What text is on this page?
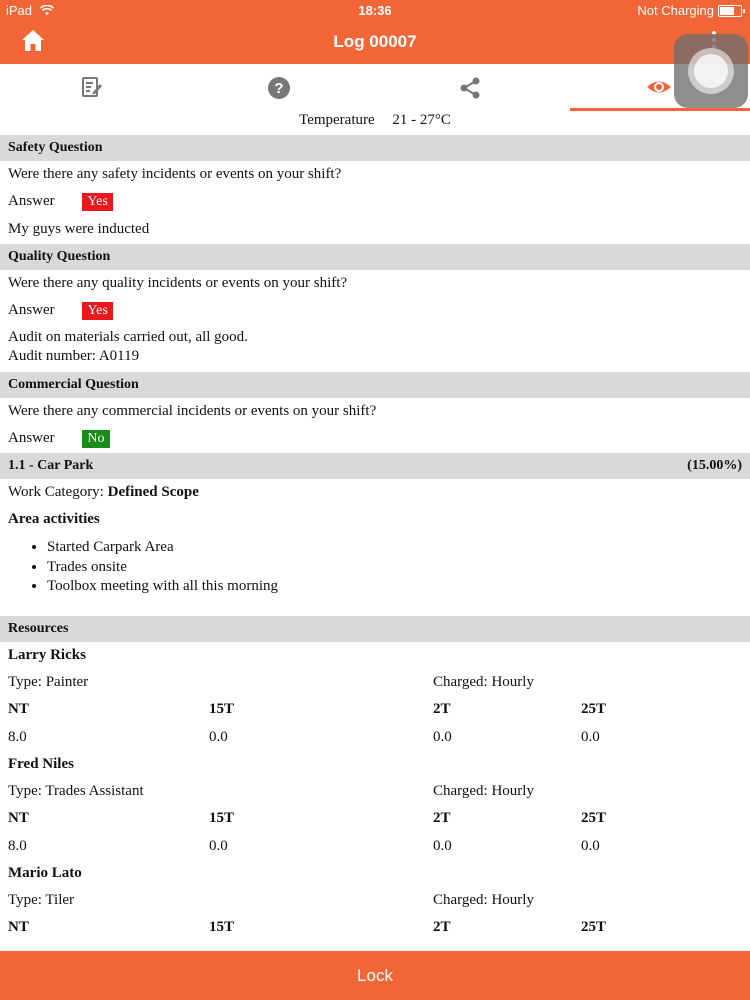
iPad	18:36	Not Charging
Log 00007
?
Temperature 21 - 27°C
Safety Question
Were there any safety incidents or events on your shift?
Answer Yes
My guys were inducted
Quality Question
Were there any quality incidents or events on your shift?
Answer Yes
Audit on materials carried out, all good.
Audit number: A0119
Commercial Question
Were there any commercial incidents or events on your shift?
Answer No
1.1 - Car Park	(15.00%)
Work Category: Defined Scope
Area activities
• Started Carpark Area
• Trades onsite
• Toolbox meeting with all this morning
Resources
Larry Ricks
Type: Painter	Charged: Hourly
NT	15T	2T	25T
8.0	0.0	0.0	0.0
Fred Niles
Type: Trades Assistant	Charged: Hourly
NT	15T	2T	25T
8.0	0.0	0.0	0.0
Mario Lato
Type: Tiler	Charged: Hourly
NT	15T	2T	25T
Lock
